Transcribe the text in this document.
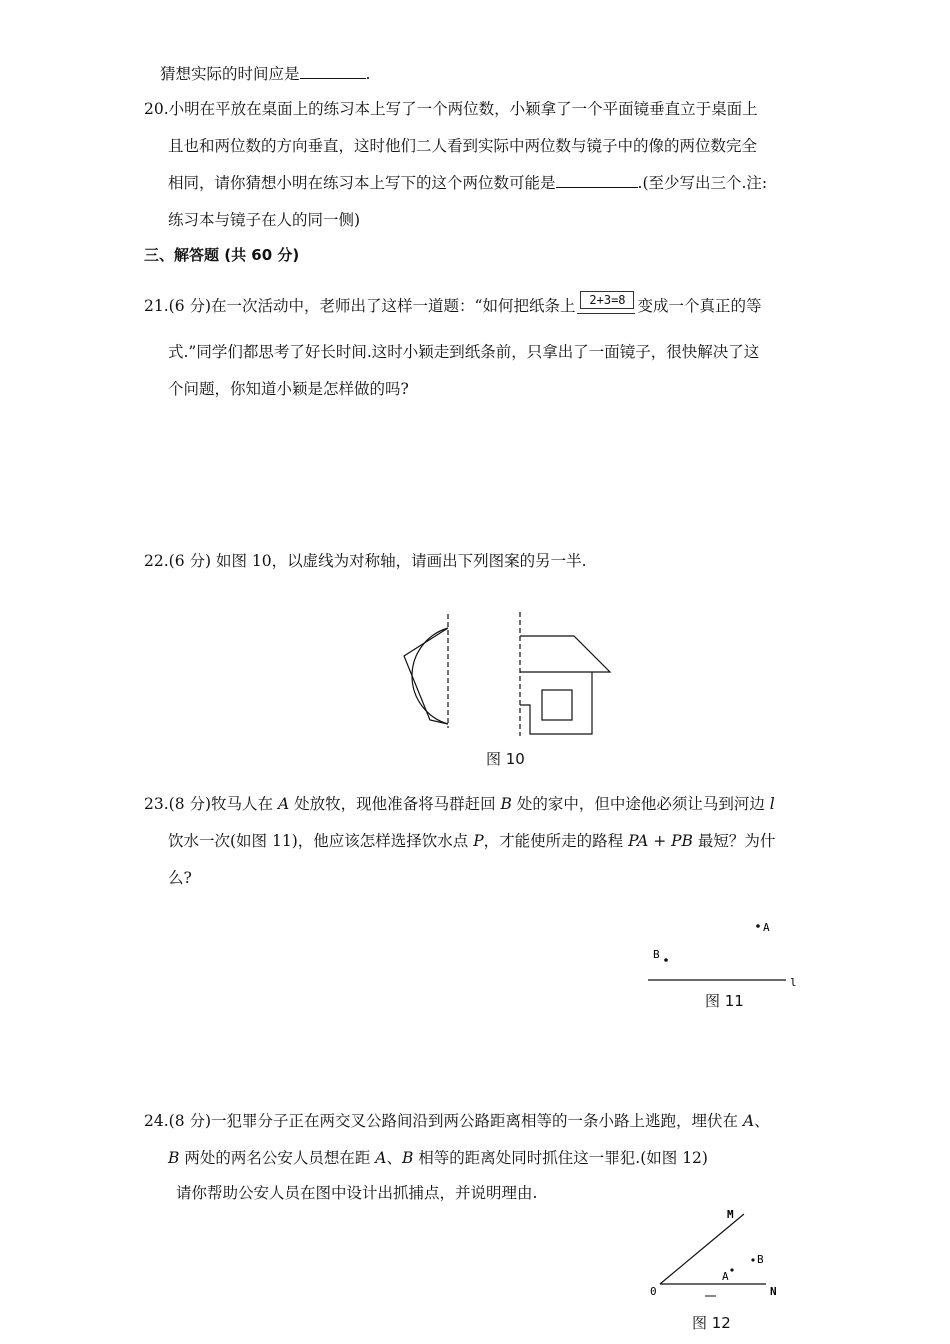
猜想实际的时间应是	.
20.小明在平放在桌面上的练习本上写了一个两位数，小颖拿了一个平面镜垂直立于桌面上
且也和两位数的方向垂直，这时他们二人看到实际中两位数与镜子中的像的两位数完全
相同，请你猜想小明在练习本上写下的这个两位数可能是	.(至少写出三个.注:
练习本与镜子在人的同一侧)
三、解答题 (共 60 分)
21.(6 分)在一次活动中，老师出了这样一道题：“如何把纸条上	2+3=8 变成一个真正的等
式.”同学们都思考了好长时间.这时小颖走到纸条前，只拿出了一面镜子，很快解决了这
个问题，你知道小颖是怎样做的吗?
22.(6 分) 如图 10，以虚线为对称轴，请画出下列图案的另一半.
图 10
23.(8 分)牧马人在 A 处放牧，现他准备将马群赶回 B 处的家中，但中途他必须让马到河边 l
饮水一次(如图 11)，他应该怎样选择饮水点 P，才能使所走的路程 PA + PB 最短？为什
么?
A
B
l
图 11
24.(8 分)一犯罪分子正在两交叉公路间沿到两公路距离相等的一条小路上逃跑，埋伏在 A、
B 两处的两名公安人员想在距 A、B 相等的距离处同时抓住这一罪犯.(如图 12)
请你帮助公安人员在图中设计出抓捕点，并说明理由.
M
B
A
0	N
图 12
